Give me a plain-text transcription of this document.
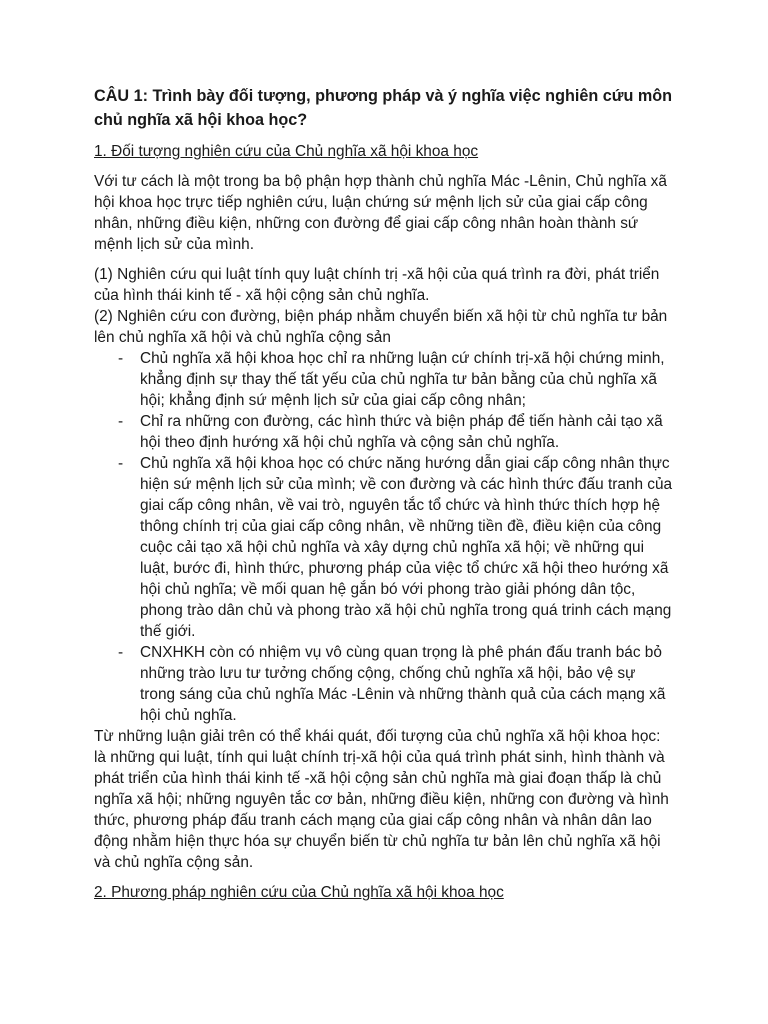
CÂU 1: Trình bày đối tượng, phương pháp và ý nghĩa việc nghiên cứu môn chủ nghĩa xã hội khoa học?
1. Đối tượng nghiên cứu của Chủ nghĩa xã hội khoa học
Với tư cách là một trong ba bộ phận hợp thành chủ nghĩa Mác -Lênin, Chủ nghĩa xã hội khoa học trực tiếp nghiên cứu, luận chứng sứ mệnh lịch sử của giai cấp công nhân, những điều kiện, những con đường để giai cấp công nhân hoàn thành sứ mệnh lịch sử của mình.
(1) Nghiên cứu qui luật tính quy luật chính trị -xã hội của quá trình ra đời, phát triển của hình thái kinh tế - xã hội cộng sản chủ nghĩa.
(2) Nghiên cứu con đường, biện pháp nhằm chuyển biến xã hội từ chủ nghĩa tư bản lên chủ nghĩa xã hội và chủ nghĩa cộng sản
- Chủ nghĩa xã hội khoa học chỉ ra những luận cứ chính trị-xã hội chứng minh, khẳng định sự thay thế tất yếu của chủ nghĩa tư bản bằng của chủ nghĩa xã hội; khẳng định sứ mệnh lịch sử của giai cấp công nhân;
- Chỉ ra những con đường, các hình thức và biện pháp để tiến hành cải tạo xã hội theo định hướng xã hội chủ nghĩa và cộng sản chủ nghĩa.
- Chủ nghĩa xã hội khoa học có chức năng hướng dẫn giai cấp công nhân thực hiện sứ mệnh lịch sử của mình; về con đường và các hình thức đấu tranh của giai cấp công nhân, về vai trò, nguyên tắc tổ chức và hình thức thích hợp hệ thông chính trị của giai cấp công nhân, về những tiền đề, điều kiện của công cuộc cải tạo xã hội chủ nghĩa và xây dựng chủ nghĩa xã hội; về những qui luật, bước đi, hình thức, phương pháp của việc tổ chức xã hội theo hướng xã hội chủ nghĩa; về mối quan hệ gắn bó với phong trào giải phóng dân tộc, phong trào dân chủ và phong trào xã hội chủ nghĩa trong quá trinh cách mạng thế giới.
- CNXHKH còn có nhiệm vụ vô cùng quan trọng là phê phán đấu tranh bác bỏ những trào lưu tư tưởng chống cộng, chống chủ nghĩa xã hội, bảo vệ sự trong sáng của chủ nghĩa Mác -Lênin và những thành quả của cách mạng xã hội chủ nghĩa.
Từ những luận giải trên có thể khái quát, đối tượng của chủ nghĩa xã hội khoa học: là những qui luật, tính qui luật chính trị-xã hội của quá trình phát sinh, hình thành và phát triển của hình thái kinh tế -xã hội cộng sản chủ nghĩa mà giai đoạn thấp là chủ nghĩa xã hội; những nguyên tắc cơ bản, những điều kiện, những con đường và hình thức, phương pháp đấu tranh cách mạng của giai cấp công nhân và nhân dân lao động nhằm hiện thực hóa sự chuyển biến từ chủ nghĩa tư bản lên chủ nghĩa xã hội và chủ nghĩa cộng sản.
2. Phương pháp nghiên cứu của Chủ nghĩa xã hội khoa học
